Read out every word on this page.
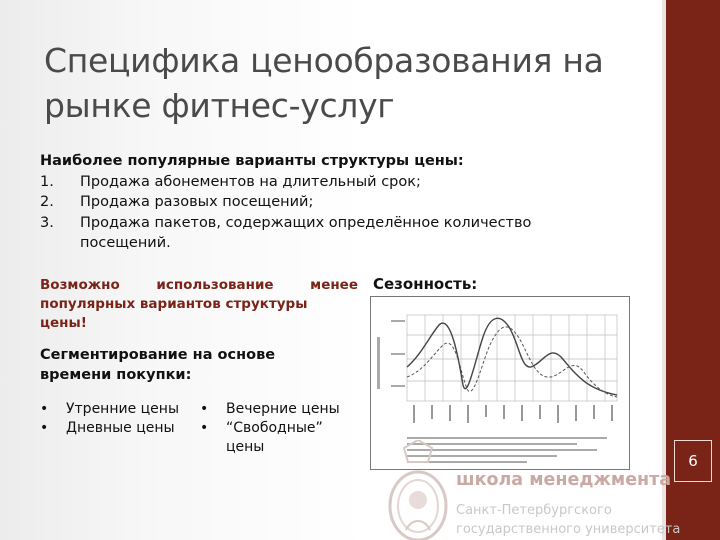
Специфика ценообразования на
рынке фитнес-услуг
Наиболее популярные варианты структуры цены:
1. Продажа абонементов на длительный срок;
2. Продажа разовых посещений;
3. Продажа пакетов, содержащих определённое количество
посещений.
Возможно использование менее
популярных вариантов структуры цены!
Сезонность:
Сегментирование на основе
времени покупки:
• Утренние цены
• Дневные цены
• Вечерние цены
• “Свободные”
цены
школа менеджмента
Санкт-Петербургского
государственного университета
6
